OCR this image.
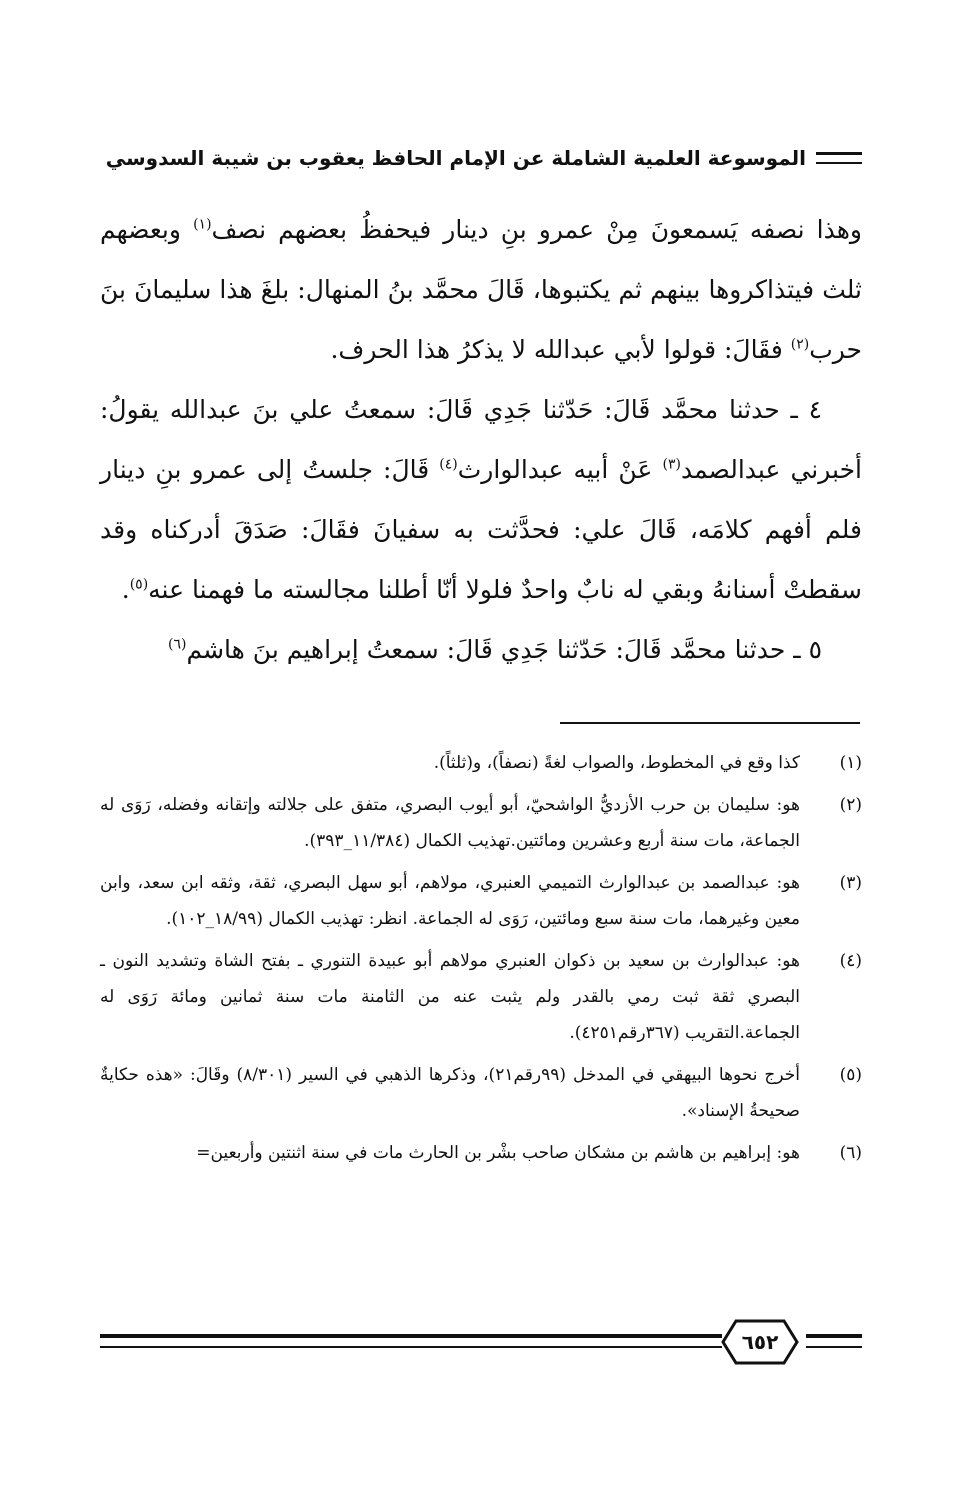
الموسوعة العلمية الشاملة عن الإمام الحافظ يعقوب بن شيبة السدوسي

وهذا نصفه يَسمعونَ مِنْ عمرو بنِ دينار فيحفظُ بعضهم نصف$^{(١)}$ وبعضهم ثلث فيتذاكروها بينهم ثم يكتبوها، قَالَ محمَّد بنُ المنهال: بلغَ هذا سليمانَ بنَ حرب$^{(٢)}$ فقَالَ: قولوا لأبي عبدالله لا يذكرُ هذا الحرف.

٤ ـ حدثنا محمَّد قَالَ: حَدّثنا جَدِي قَالَ: سمعتُ علي بنَ عبدالله يقولُ: أخبرني عبدالصمد$^{(٣)}$ عَنْ أبيه عبدالوارث$^{(٤)}$ قَالَ: جلستُ إلى عمرو بنِ دينار فلم أفهم كلامَه، قَالَ علي: فحدَّثت به سفيانَ فقَالَ: صَدَقَ أدركناه وقد سقطتْ أسنانهُ وبقي له نابٌ واحدٌ فلولا أنّا أطلنا مجالسته ما فهمنا عنه$^{(٥)}$.

٥ ـ حدثنا محمَّد قَالَ: حَدّثنا جَدِي قَالَ: سمعتُ إبراهيم بنَ هاشم$^{(٦)}$

(١)
كذا وقع في المخطوط، والصواب لغةً (نصفاً)، و(ثلثاً).
(٢)
هو: سليمان بن حرب الأزديُّ الواشحيّ، أبو أيوب البصري، متفق على جلالته وإتقانه وفضله، رَوَى له الجماعة، مات سنة أربع وعشرين ومائتين.تهذيب الكمال (١١/٣٨٤_٣٩٣).
(٣)
هو: عبدالصمد بن عبدالوارث التميمي العنبري، مولاهم، أبو سهل البصري، ثقة، وثقه ابن سعد، وابن معين وغيرهما، مات سنة سبع ومائتين، رَوَى له الجماعة. انظر: تهذيب الكمال (١٨/٩٩_١٠٢).
(٤)
هو: عبدالوارث بن سعيد بن ذكوان العنبري مولاهم أبو عبيدة التنوري ـ بفتح الشاة وتشديد النون ـ البصري ثقة ثبت رمي بالقدر ولم يثبت عنه من الثامنة مات سنة ثمانين ومائة رَوَى له الجماعة.التقريب (٣٦٧رقم٤٢٥١).
(٥)
أخرج نحوها البيهقي في المدخل (٩٩رقم٢١)، وذكرها الذهبي في السير (٨/٣٠١) وقَالَ: «هذه حكايةٌ صحيحةُ الإسناد».
(٦)
هو: إبراهيم بن هاشم بن مشكان صاحب بشْر بن الحارث مات في سنة اثنتين وأربعين=
٦٥٢
